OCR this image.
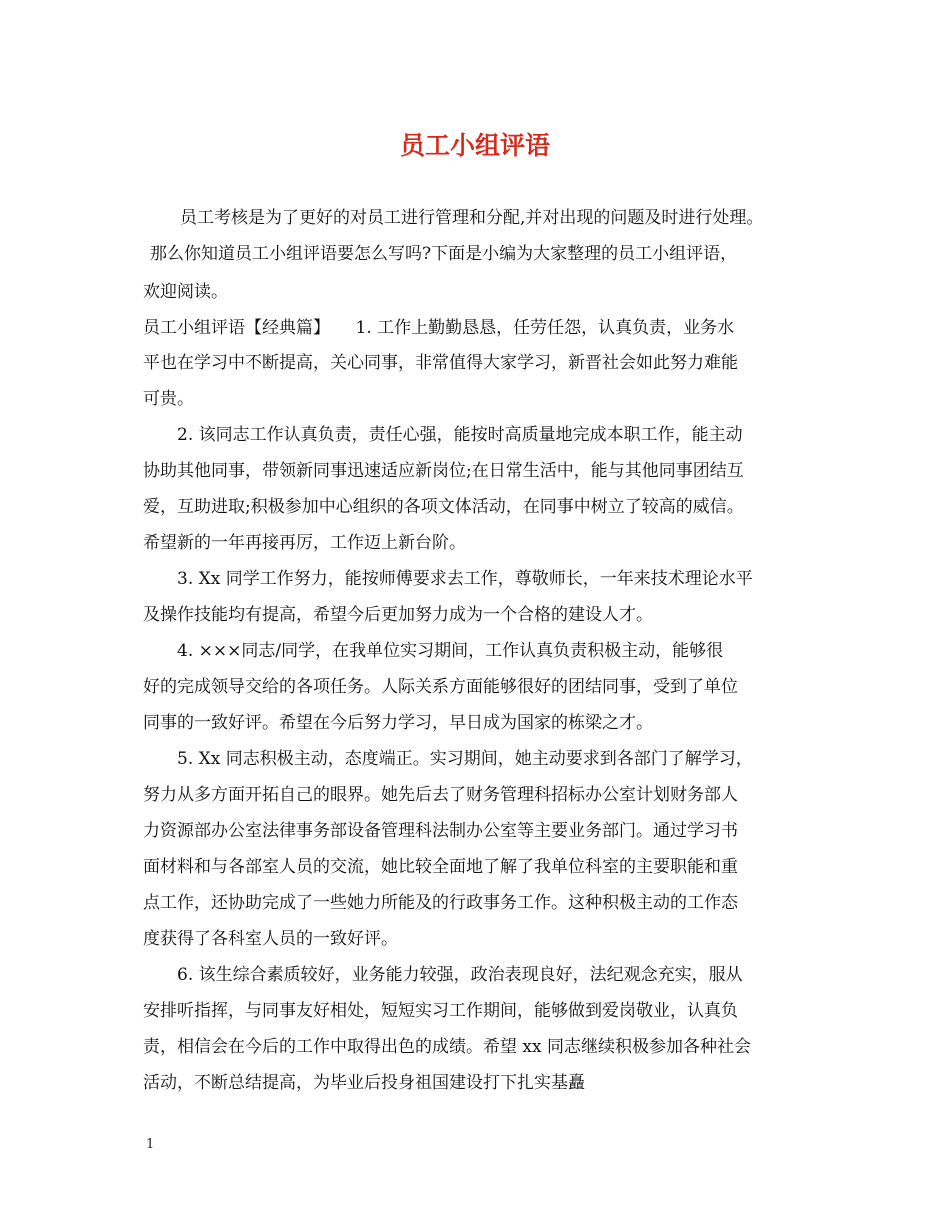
员工小组评语
员工考核是为了更好的对员工进行管理和分配,并对出现的问题及时进行处理。
那么你知道员工小组评语要怎么写吗?下面是小编为大家整理的员工小组评语，
欢迎阅读。
员工小组评语【经典篇】　　1. 工作上勤勤恳恳，任劳任怨，认真负责，业务水
平也在学习中不断提高，关心同事，非常值得大家学习，新晋社会如此努力难能
可贵。
2. 该同志工作认真负责，责任心强，能按时高质量地完成本职工作，能主动
协助其他同事，带领新同事迅速适应新岗位;在日常生活中，能与其他同事团结互
爱，互助进取;积极参加中心组织的各项文体活动，在同事中树立了较高的威信。
希望新的一年再接再厉，工作迈上新台阶。
3. Xx 同学工作努力，能按师傅要求去工作，尊敬师长，一年来技术理论水平
及操作技能均有提高，希望今后更加努力成为一个合格的建设人才。
4. ×××同志/同学，在我单位实习期间，工作认真负责积极主动，能够很
好的完成领导交给的各项任务。人际关系方面能够很好的团结同事，受到了单位
同事的一致好评。希望在今后努力学习，早日成为国家的栋梁之才。
5. Xx 同志积极主动，态度端正。实习期间，她主动要求到各部门了解学习，
努力从多方面开拓自己的眼界。她先后去了财务管理科招标办公室计划财务部人
力资源部办公室法律事务部设备管理科法制办公室等主要业务部门。通过学习书
面材料和与各部室人员的交流，她比较全面地了解了我单位科室的主要职能和重
点工作，还协助完成了一些她力所能及的行政事务工作。这种积极主动的工作态
度获得了各科室人员的一致好评。
6. 该生综合素质较好，业务能力较强，政治表现良好，法纪观念充实，服从
安排听指挥，与同事友好相处，短短实习工作期间，能够做到爱岗敬业，认真负
责，相信会在今后的工作中取得出色的成绩。希望 xx 同志继续积极参加各种社会
活动，不断总结提高，为毕业后投身祖国建设打下扎实基矗
1
